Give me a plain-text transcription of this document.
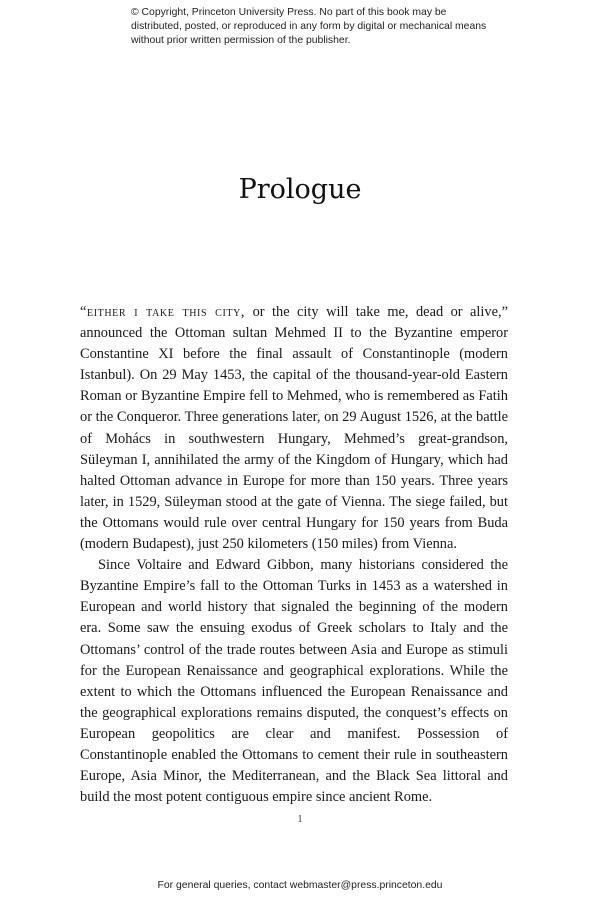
© Copyright, Princeton University Press. No part of this book may be distributed, posted, or reproduced in any form by digital or mechanical means without prior written permission of the publisher.

Prologue

“either i take this city, or the city will take me, dead or alive,” announced the Ottoman sultan Mehmed II to the Byzantine emperor Constantine XI before the final assault of Constantinople (modern Istanbul). On 29 May 1453, the capital of the thousand-year-old Eastern Roman or Byzantine Empire fell to Mehmed, who is remembered as Fatih or the Conqueror. Three generations later, on 29 August 1526, at the battle of Mohács in southwestern Hungary, Mehmed’s great-grandson, Süleyman I, annihilated the army of the Kingdom of Hungary, which had halted Ottoman advance in Europe for more than 150 years. Three years later, in 1529, Süleyman stood at the gate of Vienna. The siege failed, but the Ottomans would rule over central Hungary for 150 years from Buda (modern Budapest), just 250 kilometers (150 miles) from Vienna.

Since Voltaire and Edward Gibbon, many historians considered the Byzantine Empire’s fall to the Ottoman Turks in 1453 as a watershed in European and world history that signaled the beginning of the modern era. Some saw the ensuing exodus of Greek scholars to Italy and the Ottomans’ control of the trade routes between Asia and Europe as stimuli for the European Renaissance and geographical explorations. While the extent to which the Ottomans influenced the European Renaissance and the geographical explorations remains disputed, the conquest’s effects on European geopolitics are clear and manifest. Possession of Constantinople enabled the Ottomans to cement their rule in southeastern Europe, Asia Minor, the Mediterranean, and the Black Sea littoral and build the most potent contiguous empire since ancient Rome.

1

For general queries, contact webmaster@press.princeton.edu
